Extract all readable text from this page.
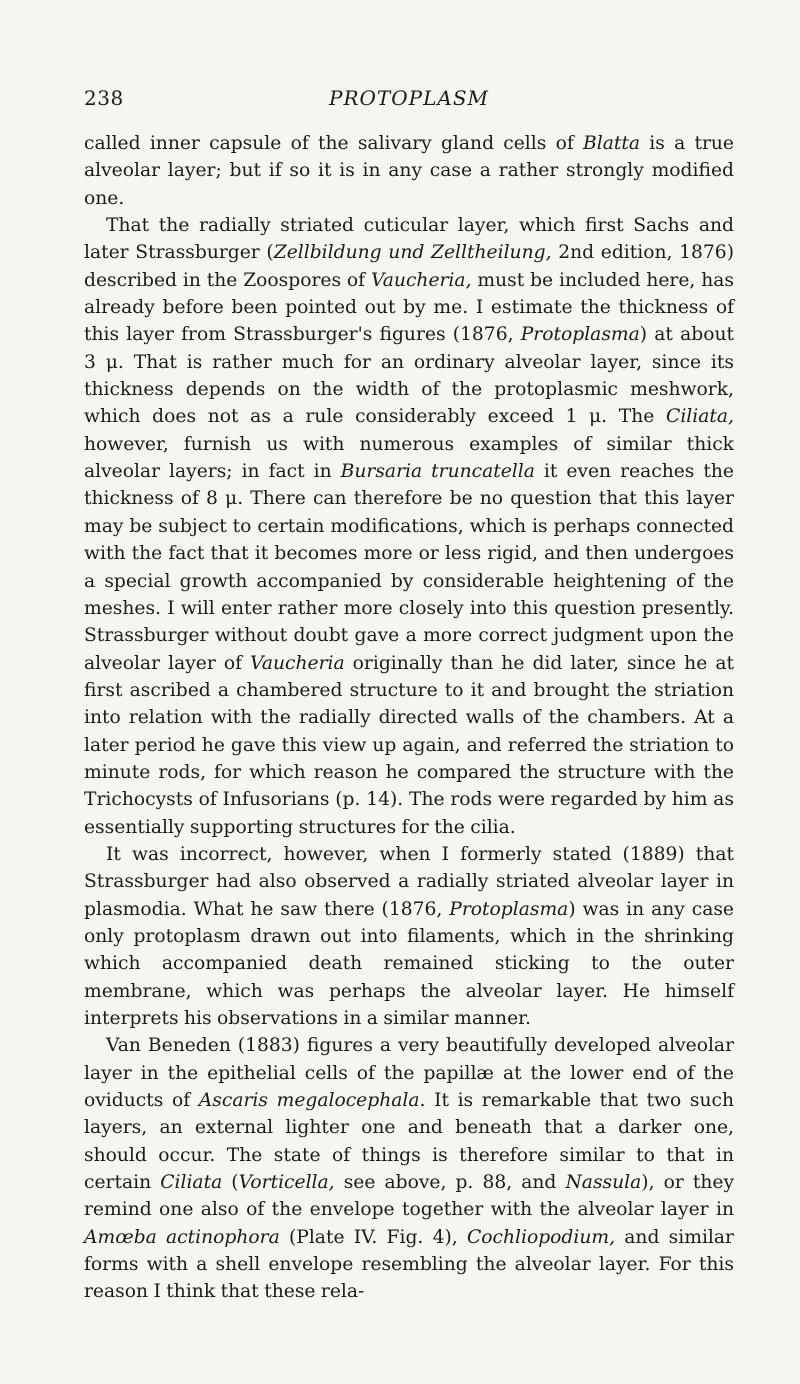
238	PROTOPLASM

called inner capsule of the salivary gland cells of Blatta is a true alveolar layer; but if so it is in any case a rather strongly modified one.

That the radially striated cuticular layer, which first Sachs and later Strassburger (Zellbildung und Zelltheilung, 2nd edition, 1876) described in the Zoospores of Vaucheria, must be included here, has already before been pointed out by me. I estimate the thickness of this layer from Strassburger's figures (1876, Protoplasma) at about 3 μ. That is rather much for an ordinary alveolar layer, since its thickness depends on the width of the protoplasmic meshwork, which does not as a rule considerably exceed 1 μ. The Ciliata, however, furnish us with numerous examples of similar thick alveolar layers; in fact in Bursaria truncatella it even reaches the thickness of 8 μ. There can therefore be no question that this layer may be subject to certain modifications, which is perhaps connected with the fact that it becomes more or less rigid, and then undergoes a special growth accompanied by considerable heightening of the meshes. I will enter rather more closely into this question presently. Strassburger without doubt gave a more correct judgment upon the alveolar layer of Vaucheria originally than he did later, since he at first ascribed a chambered structure to it and brought the striation into relation with the radially directed walls of the chambers. At a later period he gave this view up again, and referred the striation to minute rods, for which reason he compared the structure with the Trichocysts of Infusorians (p. 14). The rods were regarded by him as essentially supporting structures for the cilia.

It was incorrect, however, when I formerly stated (1889) that Strassburger had also observed a radially striated alveolar layer in plasmodia. What he saw there (1876, Protoplasma) was in any case only protoplasm drawn out into filaments, which in the shrinking which accompanied death remained sticking to the outer membrane, which was perhaps the alveolar layer. He himself interprets his observations in a similar manner.

Van Beneden (1883) figures a very beautifully developed alveolar layer in the epithelial cells of the papillæ at the lower end of the oviducts of Ascaris megalocephala. It is remarkable that two such layers, an external lighter one and beneath that a darker one, should occur. The state of things is therefore similar to that in certain Ciliata (Vorticella, see above, p. 88, and Nassula), or they remind one also of the envelope together with the alveolar layer in Amœba actinophora (Plate IV. Fig. 4), Cochliopodium, and similar forms with a shell envelope resembling the alveolar layer. For this reason I think that these rela-
